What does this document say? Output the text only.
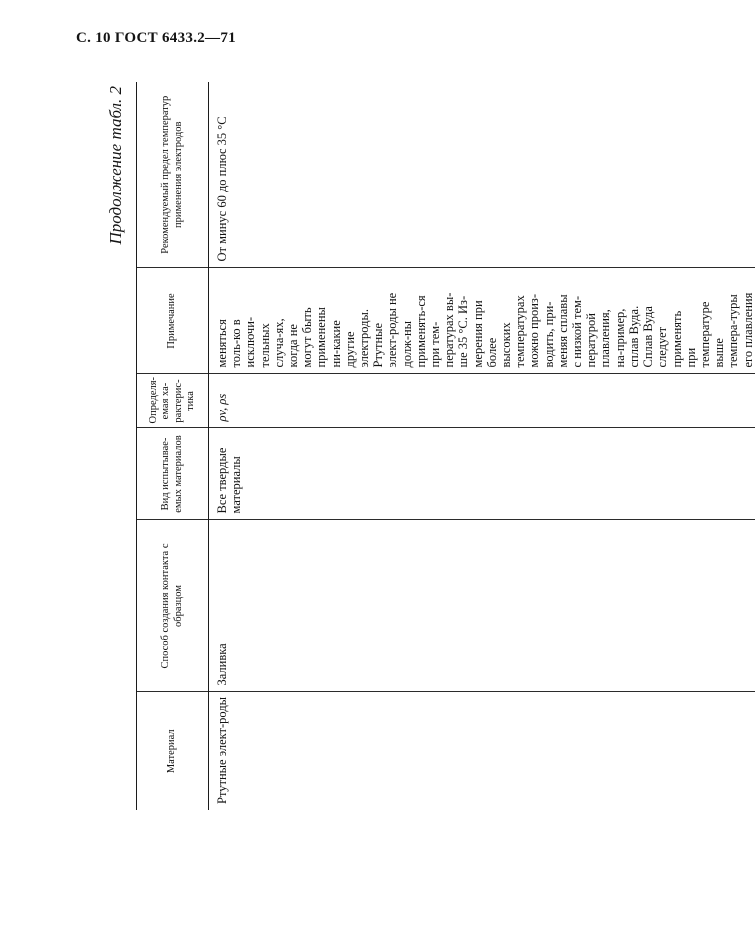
С. 10 ГОСТ 6433.2—71
Продолжение табл. 2
Материал	Способ создания контакта с образцом	Вид испытывае-емых материалов	Определя-емая ха-рактерис-тика	Примечание	Рекомендуемый предел температур применения электродов
Ртутные элект-роды	Заливка	Все твердые материалы	ρv, ρs	меняться толь-ко в исключи-тельных случа-ях, когда не могут быть применены ни-какие другие электроды. Ртутные элект-роды не долж-ны применять-ся при тем-пературах вы-ше 35 °С. Из-мерения при более высоких температурах можно произ-водить, при-меняя сплавы с низкой тем-пературой плавления, на-пример, сплав Вуда. Сплав Вуда следует применять при температуре выше темпера-туры его плавления	От минус 60 до плюс 35 °С
